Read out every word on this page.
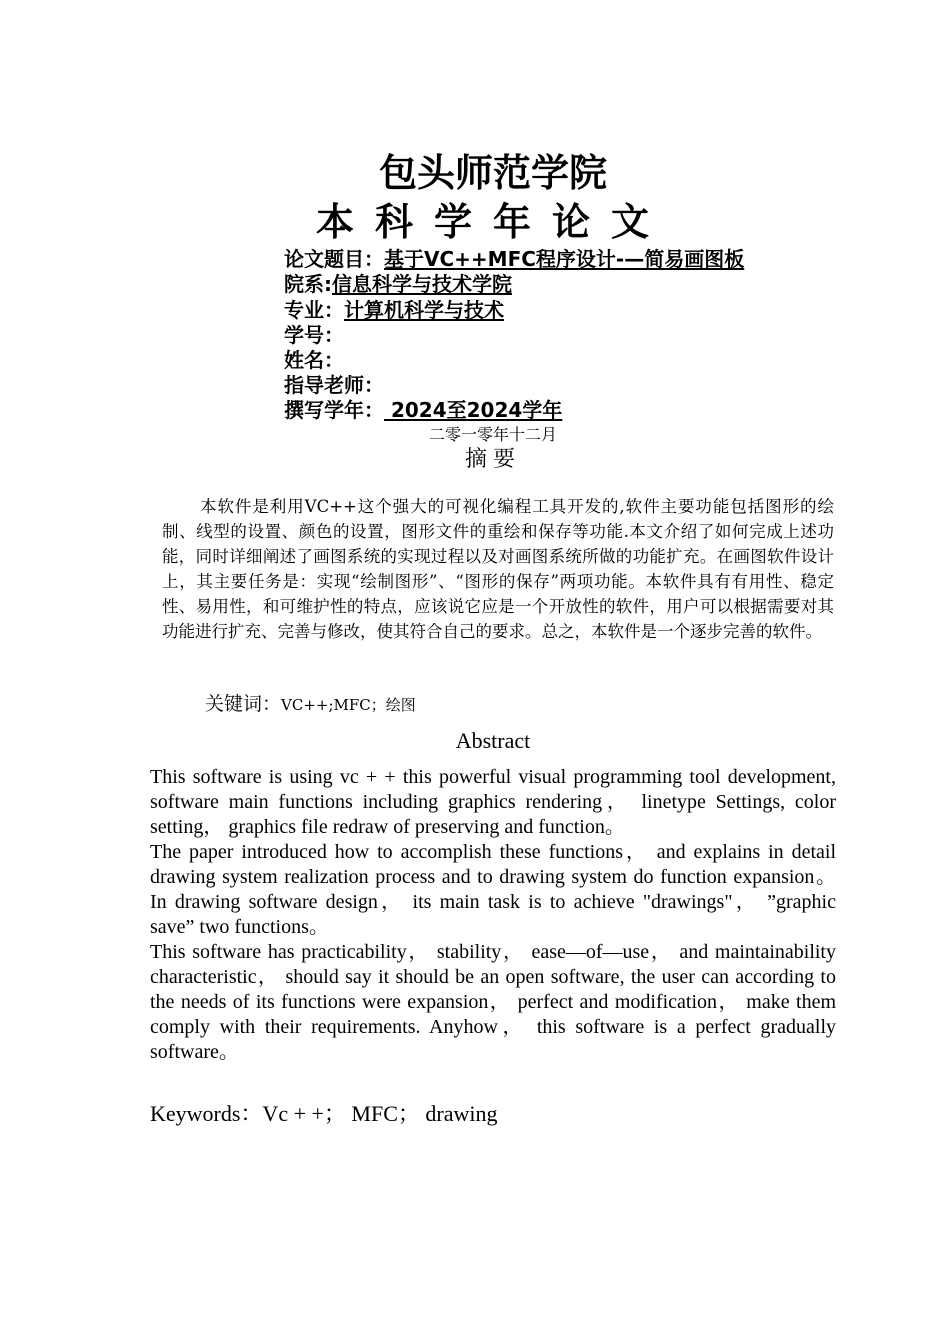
包头师范学院
本科学年论文
论文题目：基于VC++MFC程序设计-—简易画图板
院系:信息科学与技术学院
专业：计算机科学与技术
学号：
姓名：
指导老师：
撰写学年： 2024至2024学年
二零一零年十二月
摘要
本软件是利用VC++这个强大的可视化编程工具开发的,软件主要功能包括图形的绘制、线型的设置、颜色的设置，图形文件的重绘和保存等功能.本文介绍了如何完成上述功能，同时详细阐述了画图系统的实现过程以及对画图系统所做的功能扩充。在画图软件设计上，其主要任务是：实现“绘制图形”、“图形的保存”两项功能。本软件具有有用性、稳定性、易用性，和可维护性的特点，应该说它应是一个开放性的软件，用户可以根据需要对其功能进行扩充、完善与修改，使其符合自己的要求。总之，本软件是一个逐步完善的软件。
关键词：VC++;MFC；绘图
Abstract

This software is using vc + + this powerful visual programming tool development, software main functions including graphics rendering， linetype Settings, color setting， graphics file redraw of preserving and function。

The paper introduced how to accomplish these functions， and explains in detail drawing system realization process and to drawing system do function expansion。 In drawing software design， its main task is to achieve "drawings"， ”graphic save” two functions。

This software has practicability， stability， ease—of—use， and maintainability characteristic， should say it should be an open software, the user can according to the needs of its functions were expansion， perfect and modification， make them comply with their requirements. Anyhow， this software is a perfect gradually software。

Keywords：Vc + +； MFC； drawing
